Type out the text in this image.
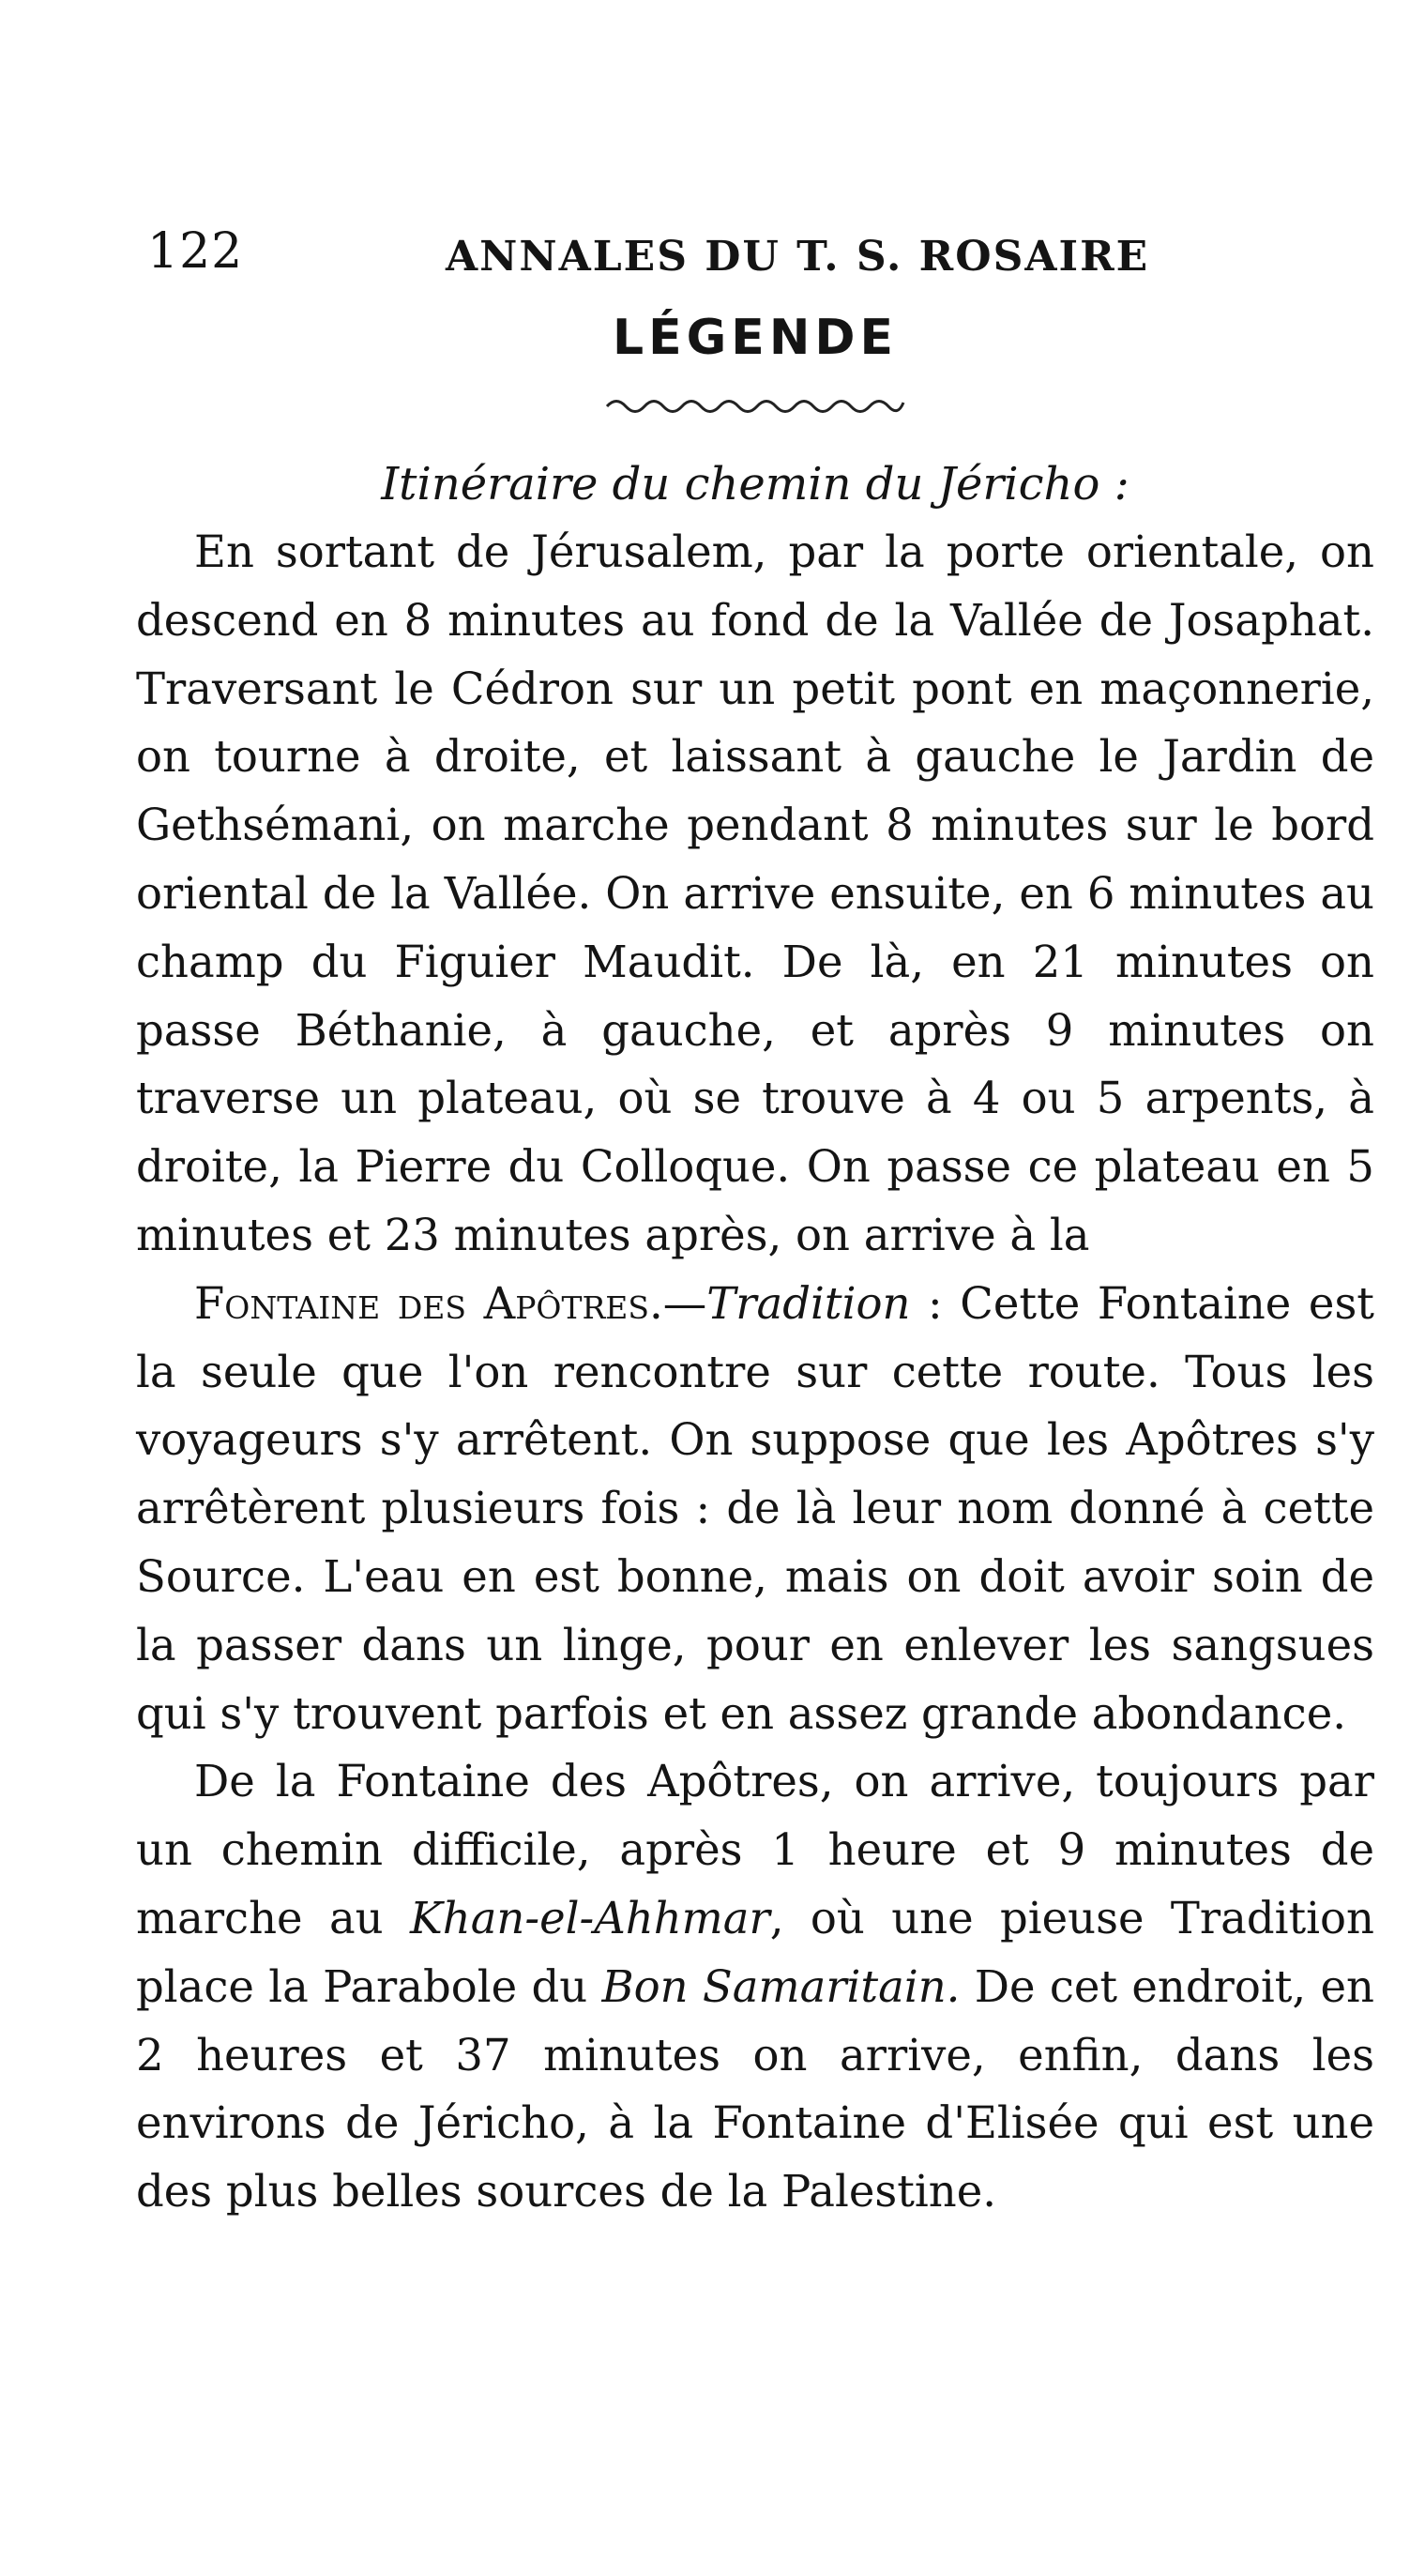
122	ANNALES DU T. S. ROSAIRE
LÉGENDE
Itinéraire du chemin du Jéricho :

En sortant de Jérusalem, par la porte orientale, on descend en 8 minutes au fond de la Vallée de Josaphat. Traversant le Cédron sur un petit pont en maçonnerie, on tourne à droite, et laissant à gauche le Jardin de Gethsémani, on marche pendant 8 minutes sur le bord oriental de la Vallée. On arrive ensuite, en 6 minutes au champ du Figuier Maudit. De là, en 21 minutes on passe Béthanie, à gauche, et après 9 minutes on traverse un plateau, où se trouve à 4 ou 5 arpents, à droite, la Pierre du Colloque. On passe ce plateau en 5 minutes et 23 minutes après, on arrive à la

Fontaine des Apôtres.—Tradition : Cette Fontaine est la seule que l'on rencontre sur cette route. Tous les voyageurs s'y arrêtent. On suppose que les Apôtres s'y arrêtèrent plusieurs fois : de là leur nom donné à cette Source. L'eau en est bonne, mais on doit avoir soin de la passer dans un linge, pour en enlever les sangsues qui s'y trouvent parfois et en assez grande abondance.

De la Fontaine des Apôtres, on arrive, toujours par un chemin difficile, après 1 heure et 9 minutes de marche au Khan-el-Ahhmar, où une pieuse Tradition place la Parabole du Bon Samaritain. De cet endroit, en 2 heures et 37 minutes on arrive, enfin, dans les environs de Jéricho, à la Fontaine d'Elisée qui est une des plus belles sources de la Palestine.
